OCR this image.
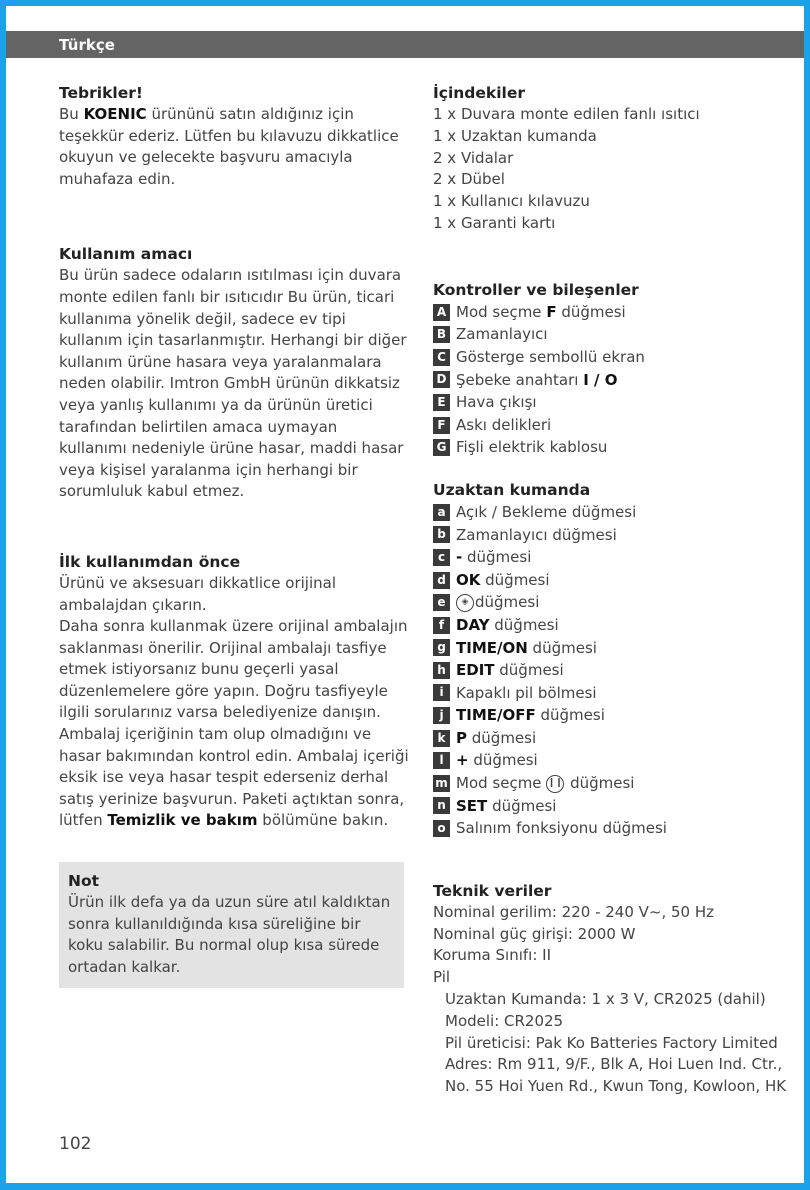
Türkçe
Tebrikler!

Bu KOENIC ürününü satın aldığınız için teşekkür ederiz. Lütfen bu kılavuzu dikkatlice okuyun ve gelecekte başvuru amacıyla muhafaza edin.

Kullanım amacı

Bu ürün sadece odaların ısıtılması için duvara monte edilen fanlı bir ısıtıcıdır Bu ürün, ticari kullanıma yönelik değil, sadece ev tipi kullanım için tasarlanmıştır. Herhangi bir diğer kullanım ürüne hasara veya yaralanmalara neden olabilir. Imtron GmbH ürünün dikkatsiz veya yanlış kullanımı ya da ürünün üretici tarafından belirtilen amaca uymayan kullanımı nedeniyle ürüne hasar, maddi hasar veya kişisel yaralanma için herhangi bir sorumluluk kabul etmez.

İlk kullanımdan önce

Ürünü ve aksesuarı dikkatlice orijinal ambalajdan çıkarın.

Daha sonra kullanmak üzere orijinal ambalajın saklanması önerilir. Orijinal ambalajı tasfiye etmek istiyorsanız bunu geçerli yasal düzenlemelere göre yapın. Doğru tasfiyeyle ilgili sorularınız varsa belediyenize danışın.

Ambalaj içeriğinin tam olup olmadığını ve hasar bakımından kontrol edin. Ambalaj içeriği eksik ise veya hasar tespit ederseniz derhal satış yerinize başvurun. Paketi açtıktan sonra, lütfen Temizlik ve bakım bölümüne bakın.

Not

Ürün ilk defa ya da uzun süre atıl kaldıktan sonra kullanıldığında kısa süreliğine bir koku salabilir. Bu normal olup kısa sürede ortadan kalkar.

İçindekiler
1 x Duvara monte edilen fanlı ısıtıcı
1 x Uzaktan kumanda
2 x Vidalar
2 x Dübel
1 x Kullanıcı kılavuzu
1 x Garanti kartı
Kontroller ve bileşenler
A Mod seçme F düğmesi
B Zamanlayıcı
C Gösterge sembollü ekran
D Şebeke anahtarı I / O
E Hava çıkışı
F Askı delikleri
G Fişli elektrik kablosu
Uzaktan kumanda
a Açık / Bekleme düğmesi
b Zamanlayıcı düğmesi
c - düğmesi
d OK düğmesi
e	◈ düğmesi
f DAY düğmesi
g TIME/ON düğmesi
h EDIT düğmesi
i Kapaklı pil bölmesi
j TIME/OFF düğmesi
k P düğmesi
l + düğmesi
m Mod seçme ❙❙ düğmesi
n SET düğmesi
o Salınım fonksiyonu düğmesi
Teknik veriler
Nominal gerilim: 220 - 240 V~, 50 Hz
Nominal güç girişi: 2000 W
Koruma Sınıfı: II
Pil
Uzaktan Kumanda: 1 x 3 V, CR2025 (dahil)
Modeli: CR2025
Pil üreticisi: Pak Ko Batteries Factory Limited
Adres: Rm 911, 9/F., Blk A, Hoi Luen Ind. Ctr.,
No. 55 Hoi Yuen Rd., Kwun Tong, Kowloon, HK
102
